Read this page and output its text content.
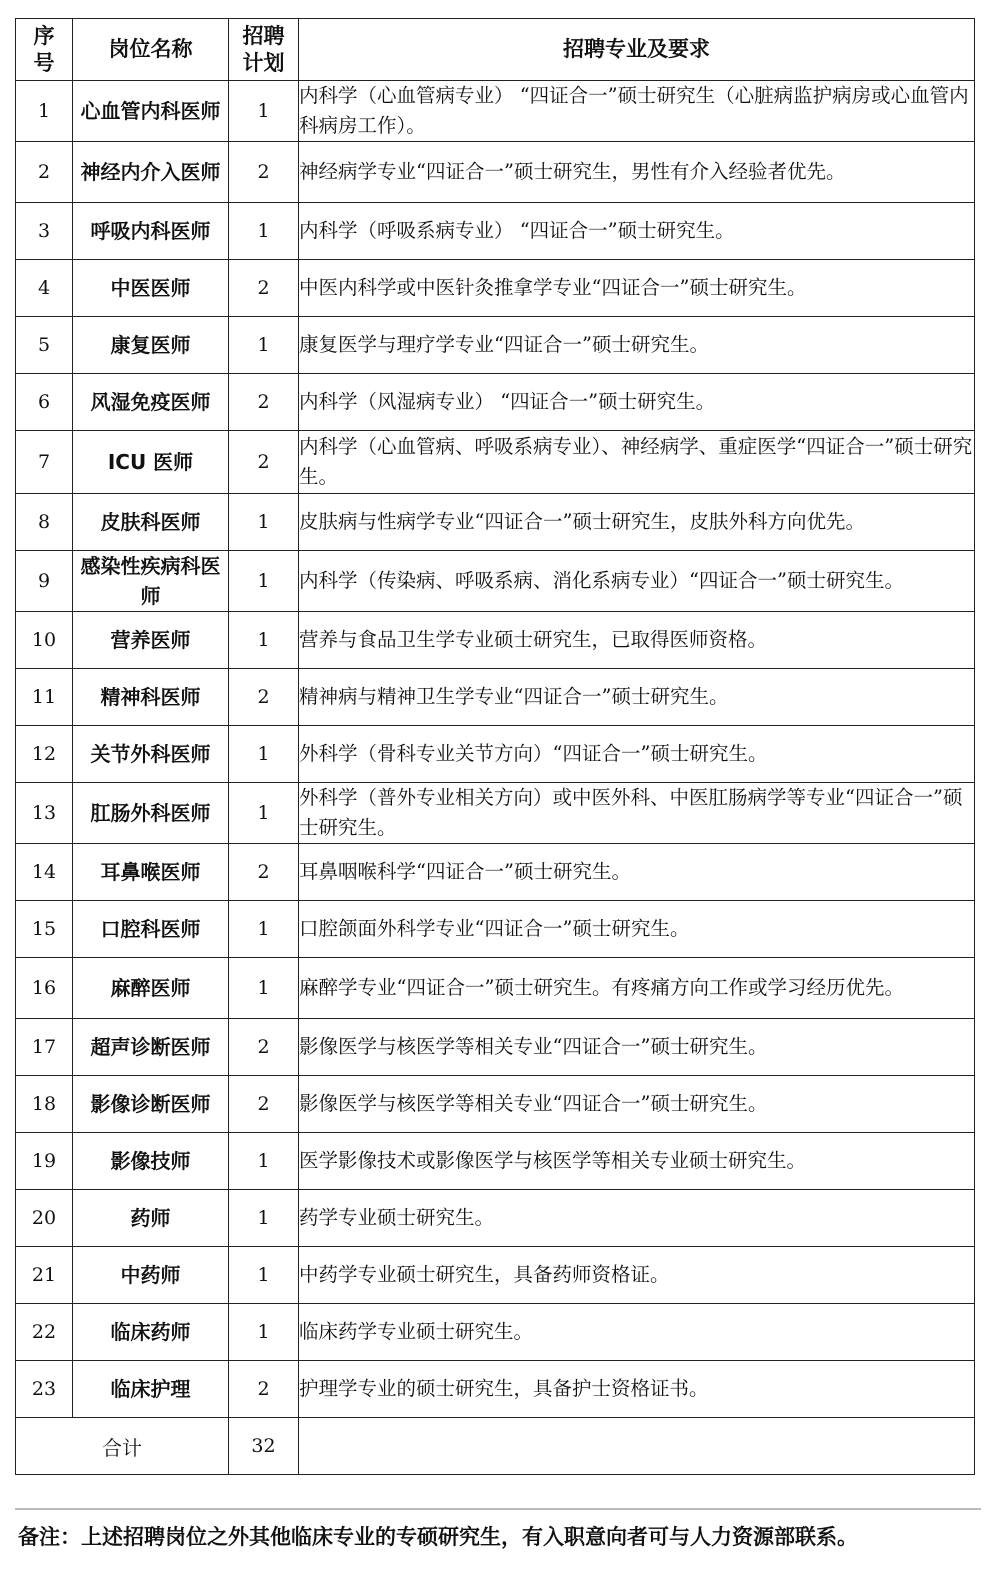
序号	岗位名称	招聘计划	招聘专业及要求
1	心血管内科医师	1	内科学（心血管病专业） “四证合一”硕士研究生（心脏病监护病房或心血管内科病房工作）。
2	神经内介入医师	2	神经病学专业“四证合一”硕士研究生，男性有介入经验者优先。
3	呼吸内科医师	1	内科学（呼吸系病专业） “四证合一”硕士研究生。
4	中医医师	2	中医内科学或中医针灸推拿学专业“四证合一”硕士研究生。
5	康复医师	1	康复医学与理疗学专业“四证合一”硕士研究生。
6	风湿免疫医师	2	内科学（风湿病专业） “四证合一”硕士研究生。
7	ICU 医师	2	内科学（心血管病、呼吸系病专业）、神经病学、重症医学“四证合一”硕士研究生。
8	皮肤科医师	1	皮肤病与性病学专业“四证合一”硕士研究生，皮肤外科方向优先。
9	感染性疾病科医师	1	内科学（传染病、呼吸系病、消化系病专业）“四证合一”硕士研究生。
10	营养医师	1	营养与食品卫生学专业硕士研究生，已取得医师资格。
11	精神科医师	2	精神病与精神卫生学专业“四证合一”硕士研究生。
12	关节外科医师	1	外科学（骨科专业关节方向）“四证合一”硕士研究生。
13	肛肠外科医师	1	外科学（普外专业相关方向）或中医外科、中医肛肠病学等专业“四证合一”硕士研究生。
14	耳鼻喉医师	2	耳鼻咽喉科学“四证合一”硕士研究生。
15	口腔科医师	1	口腔颌面外科学专业“四证合一”硕士研究生。
16	麻醉医师	1	麻醉学专业“四证合一”硕士研究生。有疼痛方向工作或学习经历优先。
17	超声诊断医师	2	影像医学与核医学等相关专业“四证合一”硕士研究生。
18	影像诊断医师	2	影像医学与核医学等相关专业“四证合一”硕士研究生。
19	影像技师	1	医学影像技术或影像医学与核医学等相关专业硕士研究生。
20	药师	1	药学专业硕士研究生。
21	中药师	1	中药学专业硕士研究生，具备药师资格证。
22	临床药师	1	临床药学专业硕士研究生。
23	临床护理	2	护理学专业的硕士研究生，具备护士资格证书。
合计		32	
备注：上述招聘岗位之外其他临床专业的专硕研究生，有入职意向者可与人力资源部联系。
